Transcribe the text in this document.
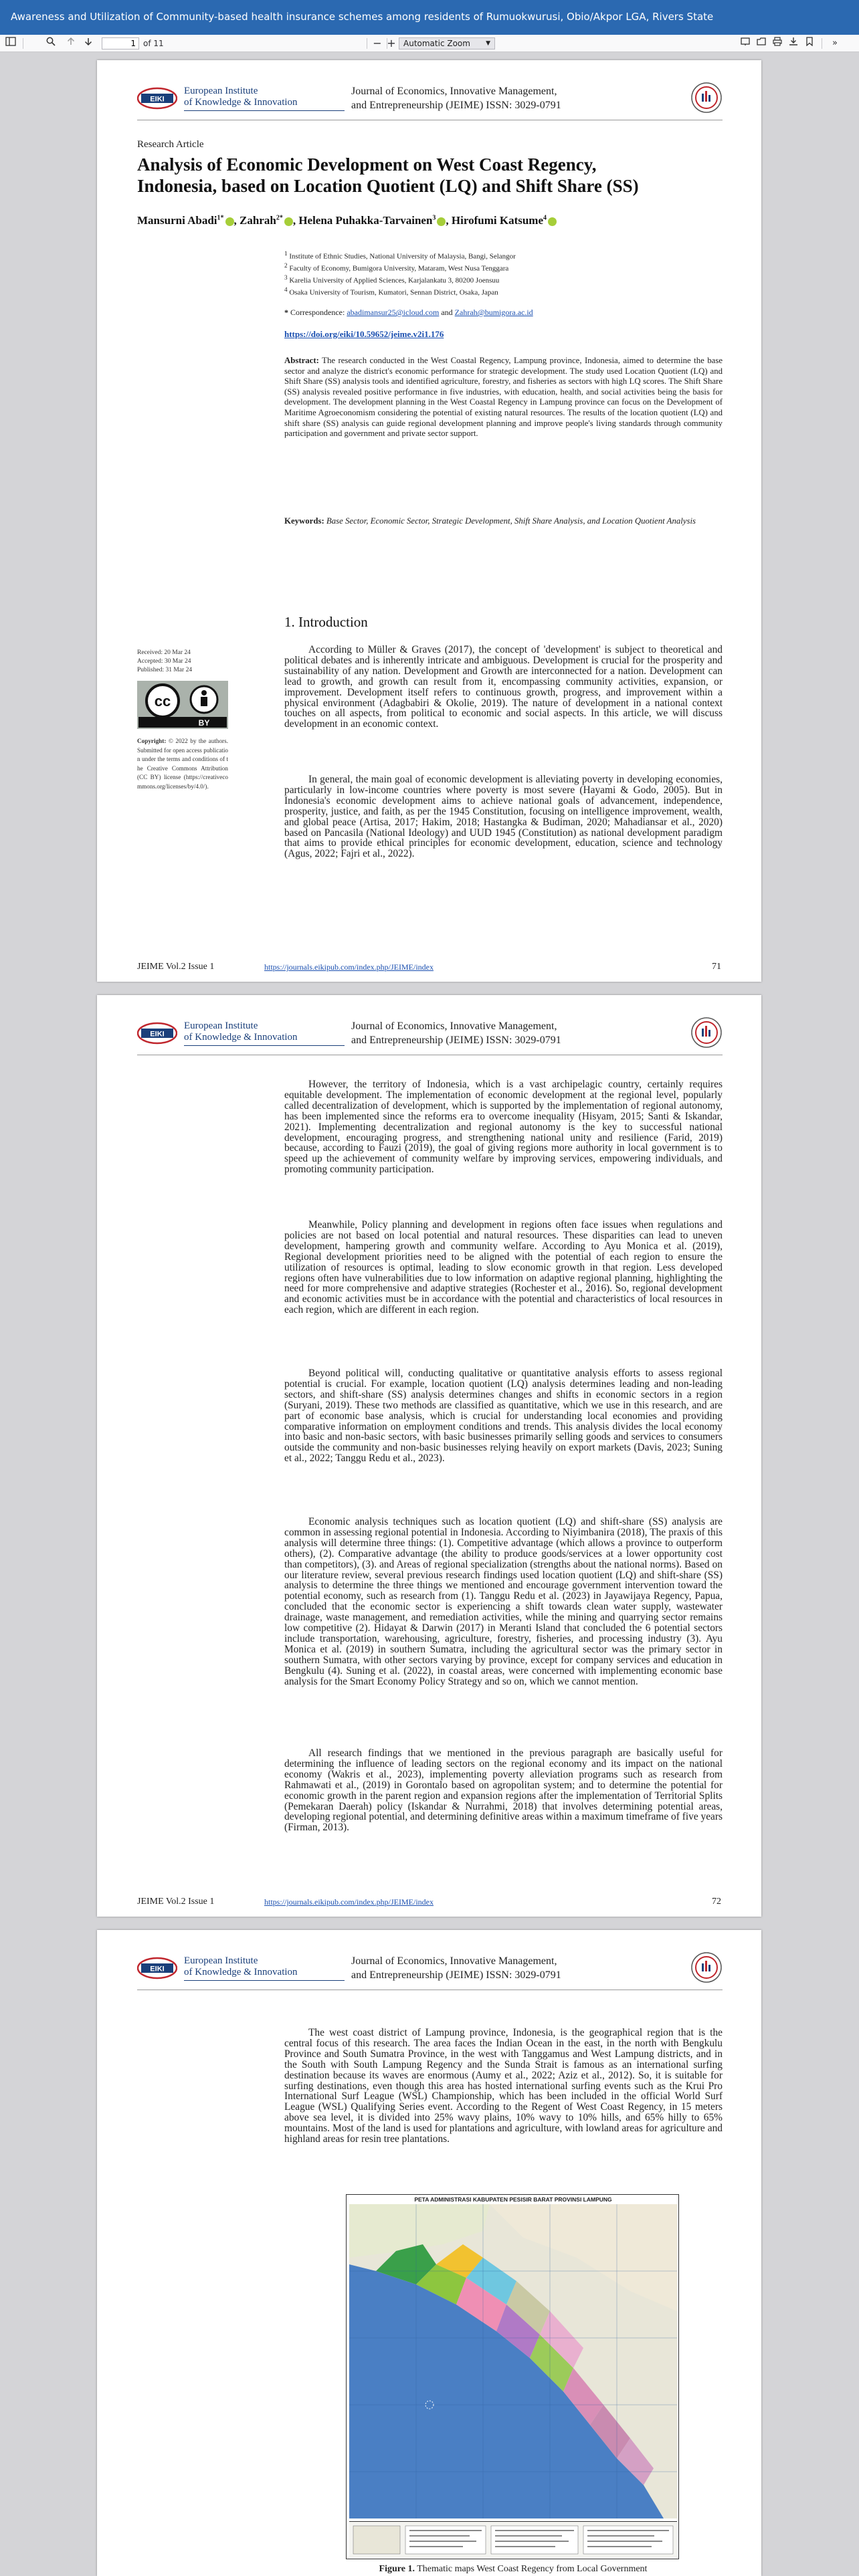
Awareness and Utilization of Community-based health insurance schemes among residents of Rumuokwurusi, Obio/Akpor LGA, Rivers State
1 of 11	− + Automatic Zoom	▼	»
EIKI
European Institute
of Knowledge & Innovation
Journal of Economics, Innovative Management,
and Entrepreneurship (JEIME) ISSN: 3029-0791
Research Article
Analysis of Economic Development on West Coast Regency,
Indonesia, based on Location Quotient (LQ) and Shift Share (SS)
Mansurni Abadi$^{1*}$ , Zahrah$^{2*}$ , Helena Puhakka-Tarvainen$^3$ , Hirofumi Katsume$^4$
$^1$ Institute of Ethnic Studies, National University of Malaysia, Bangi, Selangor
$^2$ Faculty of Economy, Bumigora University, Mataram, West Nusa Tenggara
$^3$ Karelia University of Applied Sciences, Karjalankatu 3, 80200 Joensuu
$^4$ Osaka University of Tourism, Kumatori, Sennan District, Osaka, Japan
* Correspondence: abadimansur25@icloud.com and Zahrah@bumigora.ac.id
https://doi.org/eiki/10.59652/jeime.v2i1.176
Abstract: The research conducted in the West Coastal Regency, Lampung province, Indonesia, aimed to determine the base sector and analyze the district's economic performance for strategic development. The study used Location Quotient (LQ) and Shift Share (SS) analysis tools and identified agriculture, forestry, and fisheries as sectors with high LQ scores. The Shift Share (SS) analysis revealed positive performance in five industries, with education, health, and social activities being the basis for development. The development planning in the West Coastal Regency in Lampung province can focus on the Development of Maritime Agroeconomism considering the potential of existing natural resources. The results of the location quotient (LQ) and shift share (SS) analysis can guide regional development planning and improve people's living standards through community participation and government and private sector support.
Keywords: Base Sector, Economic Sector, Strategic Development, Shift Share Analysis, and Location Quotient Analysis
Received: 20 Mar 24
Accepted: 30 Mar 24
Published: 31 Mar 24
cc
BY
Copyright: © 2022 by the authors. Submitted for open access publication under the terms and conditions of the Creative Commons Attribution (CC BY) license (https://creativecommons.org/licenses/by/4.0/).
1. Introduction
According to Müller & Graves (2017), the concept of 'development' is subject to theoretical and political debates and is inherently intricate and ambiguous. Development is crucial for the prosperity and sustainability of any nation. Development and Growth are interconnected for a nation. Development can lead to growth, and growth can result from it, encompassing community activities, expansion, or improvement. Development itself refers to continuous growth, progress, and improvement within a physical environment (Adagbabiri & Okolie, 2019). The nature of development in a national context touches on all aspects, from political to economic and social aspects. In this article, we will discuss development in an economic context.
In general, the main goal of economic development is alleviating poverty in developing economies, particularly in low-income countries where poverty is most severe (Hayami & Godo, 2005). But in Indonesia's economic development aims to achieve national goals of advancement, independence, prosperity, justice, and faith, as per the 1945 Constitution, focusing on intelligence improvement, wealth, and global peace (Artisa, 2017; Hakim, 2018; Hastangka & Budiman, 2020; Mahadiansar et al., 2020) based on Pancasila (National Ideology) and UUD 1945 (Constitution) as national development paradigm that aims to provide ethical principles for economic development, education, science and technology (Agus, 2022; Fajri et al., 2022).
JEIME Vol.2 Issue 1	https://journals.eikipub.com/index.php/JEIME/index	71
EIKI
European Institute
of Knowledge & Innovation
Journal of Economics, Innovative Management,
and Entrepreneurship (JEIME) ISSN: 3029-0791
However, the territory of Indonesia, which is a vast archipelagic country, certainly requires equitable development. The implementation of economic development at the regional level, popularly called decentralization of development, which is supported by the implementation of regional autonomy, has been implemented since the reforms era to overcome inequality (Hisyam, 2015; Santi & Iskandar, 2021). Implementing decentralization and regional autonomy is the key to successful national development, encouraging progress, and strengthening national unity and resilience (Farid, 2019) because, according to Fauzi (2019), the goal of giving regions more authority in local government is to speed up the achievement of community welfare by improving services, empowering individuals, and promoting community participation.
Meanwhile, Policy planning and development in regions often face issues when regulations and policies are not based on local potential and natural resources. These disparities can lead to uneven development, hampering growth and community welfare. According to Ayu Monica et al. (2019), Regional development priorities need to be aligned with the potential of each region to ensure the utilization of resources is optimal, leading to slow economic growth in that region. Less developed regions often have vulnerabilities due to low information on adaptive regional planning, highlighting the need for more comprehensive and adaptive strategies (Rochester et al., 2016). So, regional development and economic activities must be in accordance with the potential and characteristics of local resources in each region, which are different in each region.
Beyond political will, conducting qualitative or quantitative analysis efforts to assess regional potential is crucial. For example, location quotient (LQ) analysis determines leading and non-leading sectors, and shift-share (SS) analysis determines changes and shifts in economic sectors in a region (Suryani, 2019). These two methods are classified as quantitative, which we use in this research, and are part of economic base analysis, which is crucial for understanding local economies and providing comparative information on employment conditions and trends. This analysis divides the local economy into basic and non-basic sectors, with basic businesses primarily selling goods and services to consumers outside the community and non-basic businesses relying heavily on export markets (Davis, 2023; Suning et al., 2022; Tanggu Redu et al., 2023).
Economic analysis techniques such as location quotient (LQ) and shift-share (SS) analysis are common in assessing regional potential in Indonesia. According to Niyimbanira (2018), The praxis of this analysis will determine three things: (1). Competitive advantage (which allows a province to outperform others), (2). Comparative advantage (the ability to produce goods/services at a lower opportunity cost than competitors), (3). and Areas of regional specialization (strengths about the national norms). Based on our literature review, several previous research findings used location quotient (LQ) and shift-share (SS) analysis to determine the three things we mentioned and encourage government intervention toward the potential economy, such as research from (1). Tanggu Redu et al. (2023) in Jayawijaya Regency, Papua, concluded that the economic sector is experiencing a shift towards clean water supply, wastewater drainage, waste management, and remediation activities, while the mining and quarrying sector remains low competitive (2). Hidayat & Darwin (2017) in Meranti Island that concluded the 6 potential sectors include transportation, warehousing, agriculture, forestry, fisheries, and processing industry (3). Ayu Monica et al. (2019) in southern Sumatra, including the agricultural sector was the primary sector in southern Sumatra, with other sectors varying by province, except for company services and education in Bengkulu (4). Suning et al. (2022), in coastal areas, were concerned with implementing economic base analysis for the Smart Economy Policy Strategy and so on, which we cannot mention.
All research findings that we mentioned in the previous paragraph are basically useful for determining the influence of leading sectors on the regional economy and its impact on the national economy (Wakris et al., 2023), implementing poverty alleviation programs such as research from Rahmawati et al., (2019) in Gorontalo based on agropolitan system; and to determine the potential for economic growth in the parent region and expansion regions after the implementation of Territorial Splits (Pemekaran Daerah) policy (Iskandar & Nurrahmi, 2018) that involves determining potential areas, developing regional potential, and determining definitive areas within a maximum timeframe of five years (Firman, 2013).
JEIME Vol.2 Issue 1	https://journals.eikipub.com/index.php/JEIME/index	72
EIKI
European Institute
of Knowledge & Innovation
Journal of Economics, Innovative Management,
and Entrepreneurship (JEIME) ISSN: 3029-0791
The west coast district of Lampung province, Indonesia, is the geographical region that is the central focus of this research. The area faces the Indian Ocean in the east, in the north with Bengkulu Province and South Sumatra Province, in the west with Tanggamus and West Lampung districts, and in the South with South Lampung Regency and the Sunda Strait is famous as an international surfing destination because its waves are enormous (Aumy et al., 2022; Aziz et al., 2012). So, it is suitable for surfing destinations, even though this area has hosted international surfing events such as the Krui Pro International Surf League (WSL) Championship, which has been included in the official World Surf League (WSL) Qualifying Series event. According to the Regent of West Coast Regency, in 15 meters above sea level, it is divided into 25% wavy plains, 10% wavy to 10% hills, and 65% hilly to 65% mountains. Most of the land is used for plantations and agriculture, with lowland areas for agriculture and highland areas for resin tree plantations.
PETA ADMINISTRASI KABUPATEN PESISIR BARAT PROVINSI LAMPUNG
Figure 1. Thematic maps West Coast Regency from Local Government
